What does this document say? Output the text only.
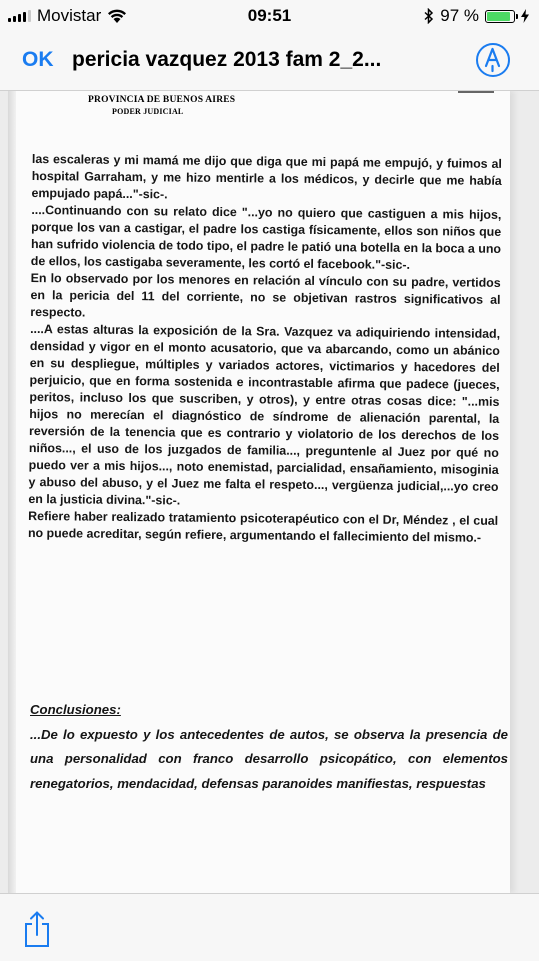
Movistar	09:51	97 %
OK pericia vazquez 2013 fam 2_2...
PROVINCIA DE BUENOS AIRES
PODER JUDICIAL

las escaleras y mi mamá me dijo que diga que mi papá me empujó, y fuimos al hospital Garraham, y me hizo mentirle a los médicos, y decirle que me había empujado papá..."-sic-.

....Continuando con su relato dice "...yo no quiero que castiguen a mis hijos, porque los van a castigar, el padre los castiga físicamente, ellos son niños que han sufrido violencia de todo tipo, el padre le patió una botella en la boca a uno de ellos, los castigaba severamente, les cortó el facebook."-sic-.

En lo observado por los menores en relación al vínculo con su padre, vertidos en la pericia del 11 del corriente, no se objetivan rastros significativos al respecto.

....A estas alturas la exposición de la Sra. Vazquez va adiquiriendo intensidad, densidad y vigor en el monto acusatorio, que va abarcando, como un abánico en su despliegue, múltiples y variados actores, victimarios y hacedores del perjuicio, que en forma sostenida e incontrastable afirma que padece (jueces, peritos, incluso los que suscriben, y otros), y entre otras cosas dice: "...mis hijos no merecían el diagnóstico de síndrome de alienación parental, la reversión de la tenencia que es contrario y violatorio de los derechos de los niños..., el uso de los juzgados de familia..., preguntenle al Juez por qué no puedo ver a mis hijos..., noto enemistad, parcialidad, ensañamiento, misoginia y abuso del abuso, y el Juez me falta el respeto..., vergüenza judicial,...yo creo en la justicia divina."-sic-.

Refiere haber realizado tratamiento psicoterapéutico con el Dr, Méndez , el cual no puede acreditar, según refiere, argumentando el fallecimiento del mismo.-

Conclusiones:

...De lo expuesto y los antecedentes de autos, se observa la presencia de una personalidad con franco desarrollo psicopático, con elementos renegatorios, mendacidad, defensas paranoides manifiestas, respuestas
